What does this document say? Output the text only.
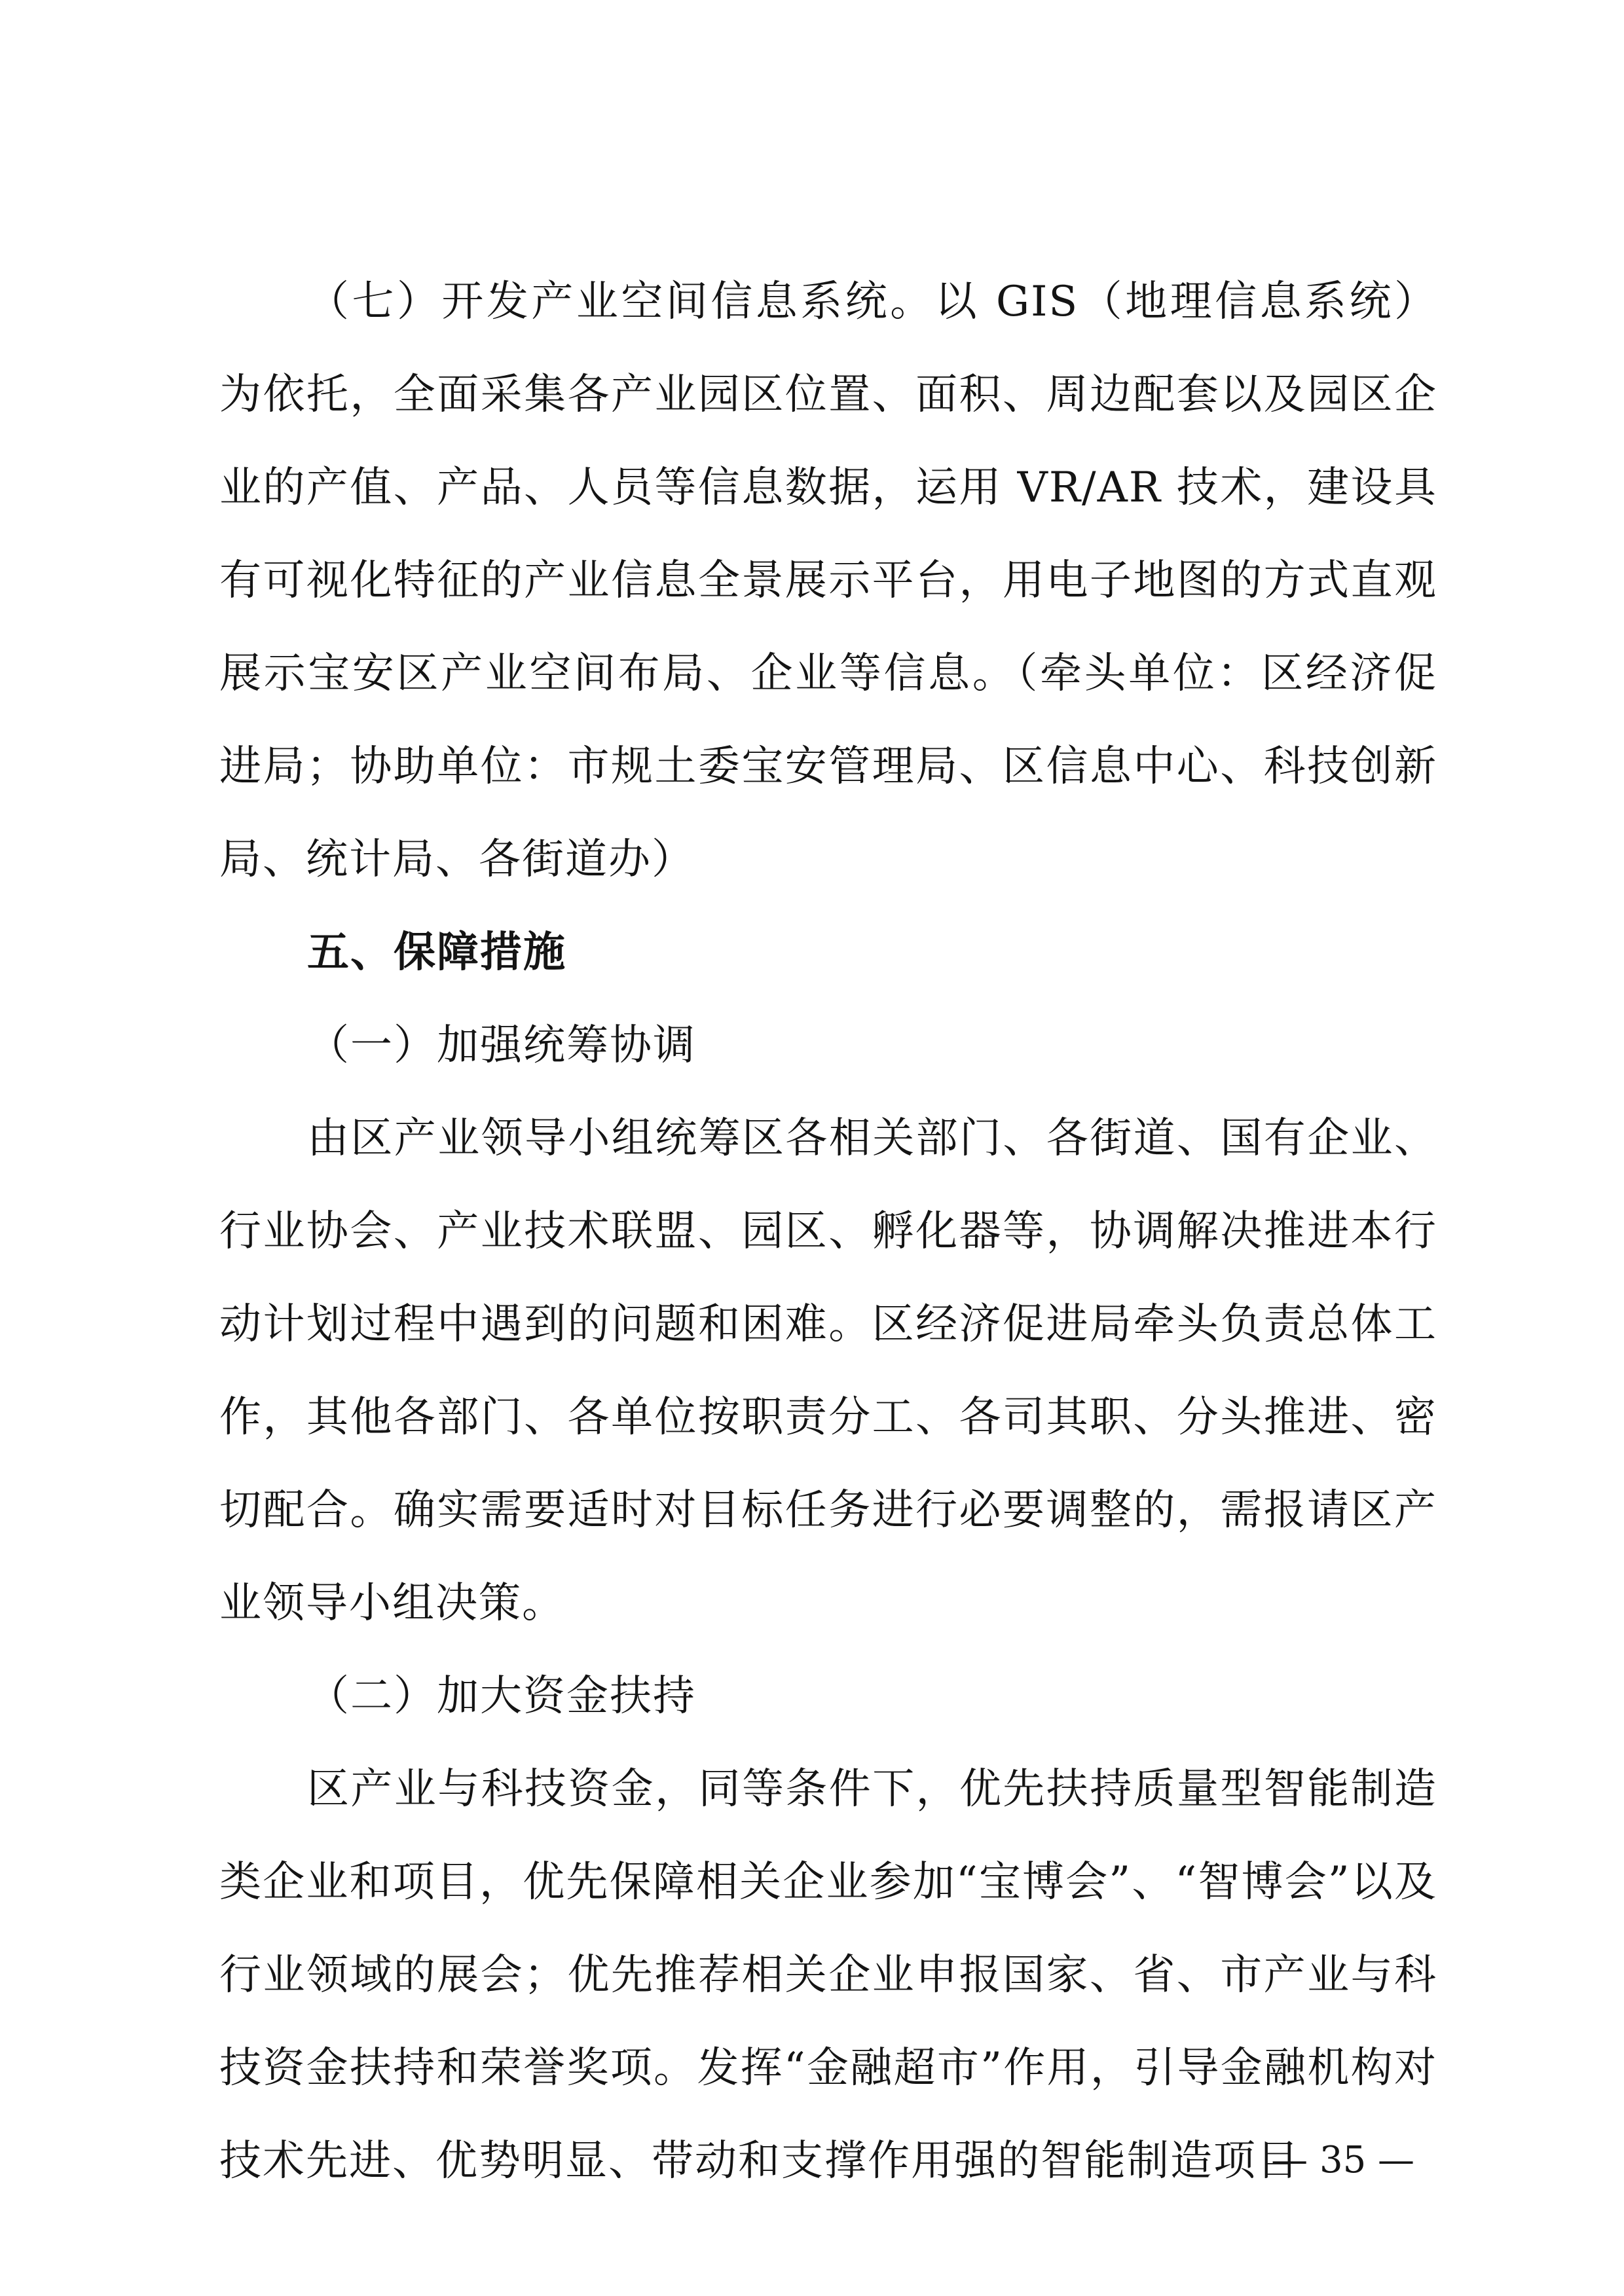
（七）开发产业空间信息系统。以 GIS（地理信息系统）为依托，全面采集各产业园区位置、面积、周边配套以及园区企业的产值、产品、人员等信息数据，运用 VR/AR 技术，建设具有可视化特征的产业信息全景展示平台，用电子地图的方式直观展示宝安区产业空间布局、企业等信息。（牵头单位：区经济促进局；协助单位：市规土委宝安管理局、区信息中心、科技创新局、统计局、各街道办）

五、保障措施

（一）加强统筹协调

由区产业领导小组统筹区各相关部门、各街道、国有企业、行业协会、产业技术联盟、园区、孵化器等，协调解决推进本行动计划过程中遇到的问题和困难。区经济促进局牵头负责总体工作，其他各部门、各单位按职责分工、各司其职、分头推进、密切配合。确实需要适时对目标任务进行必要调整的，需报请区产业领导小组决策。

（二）加大资金扶持

区产业与科技资金，同等条件下，优先扶持质量型智能制造类企业和项目，优先保障相关企业参加“宝博会”、“智博会”以及行业领域的展会；优先推荐相关企业申报国家、省、市产业与科技资金扶持和荣誉奖项。发挥“金融超市”作用，引导金融机构对技术先进、优势明显、带动和支撑作用强的智能制造项目

— 35 —
